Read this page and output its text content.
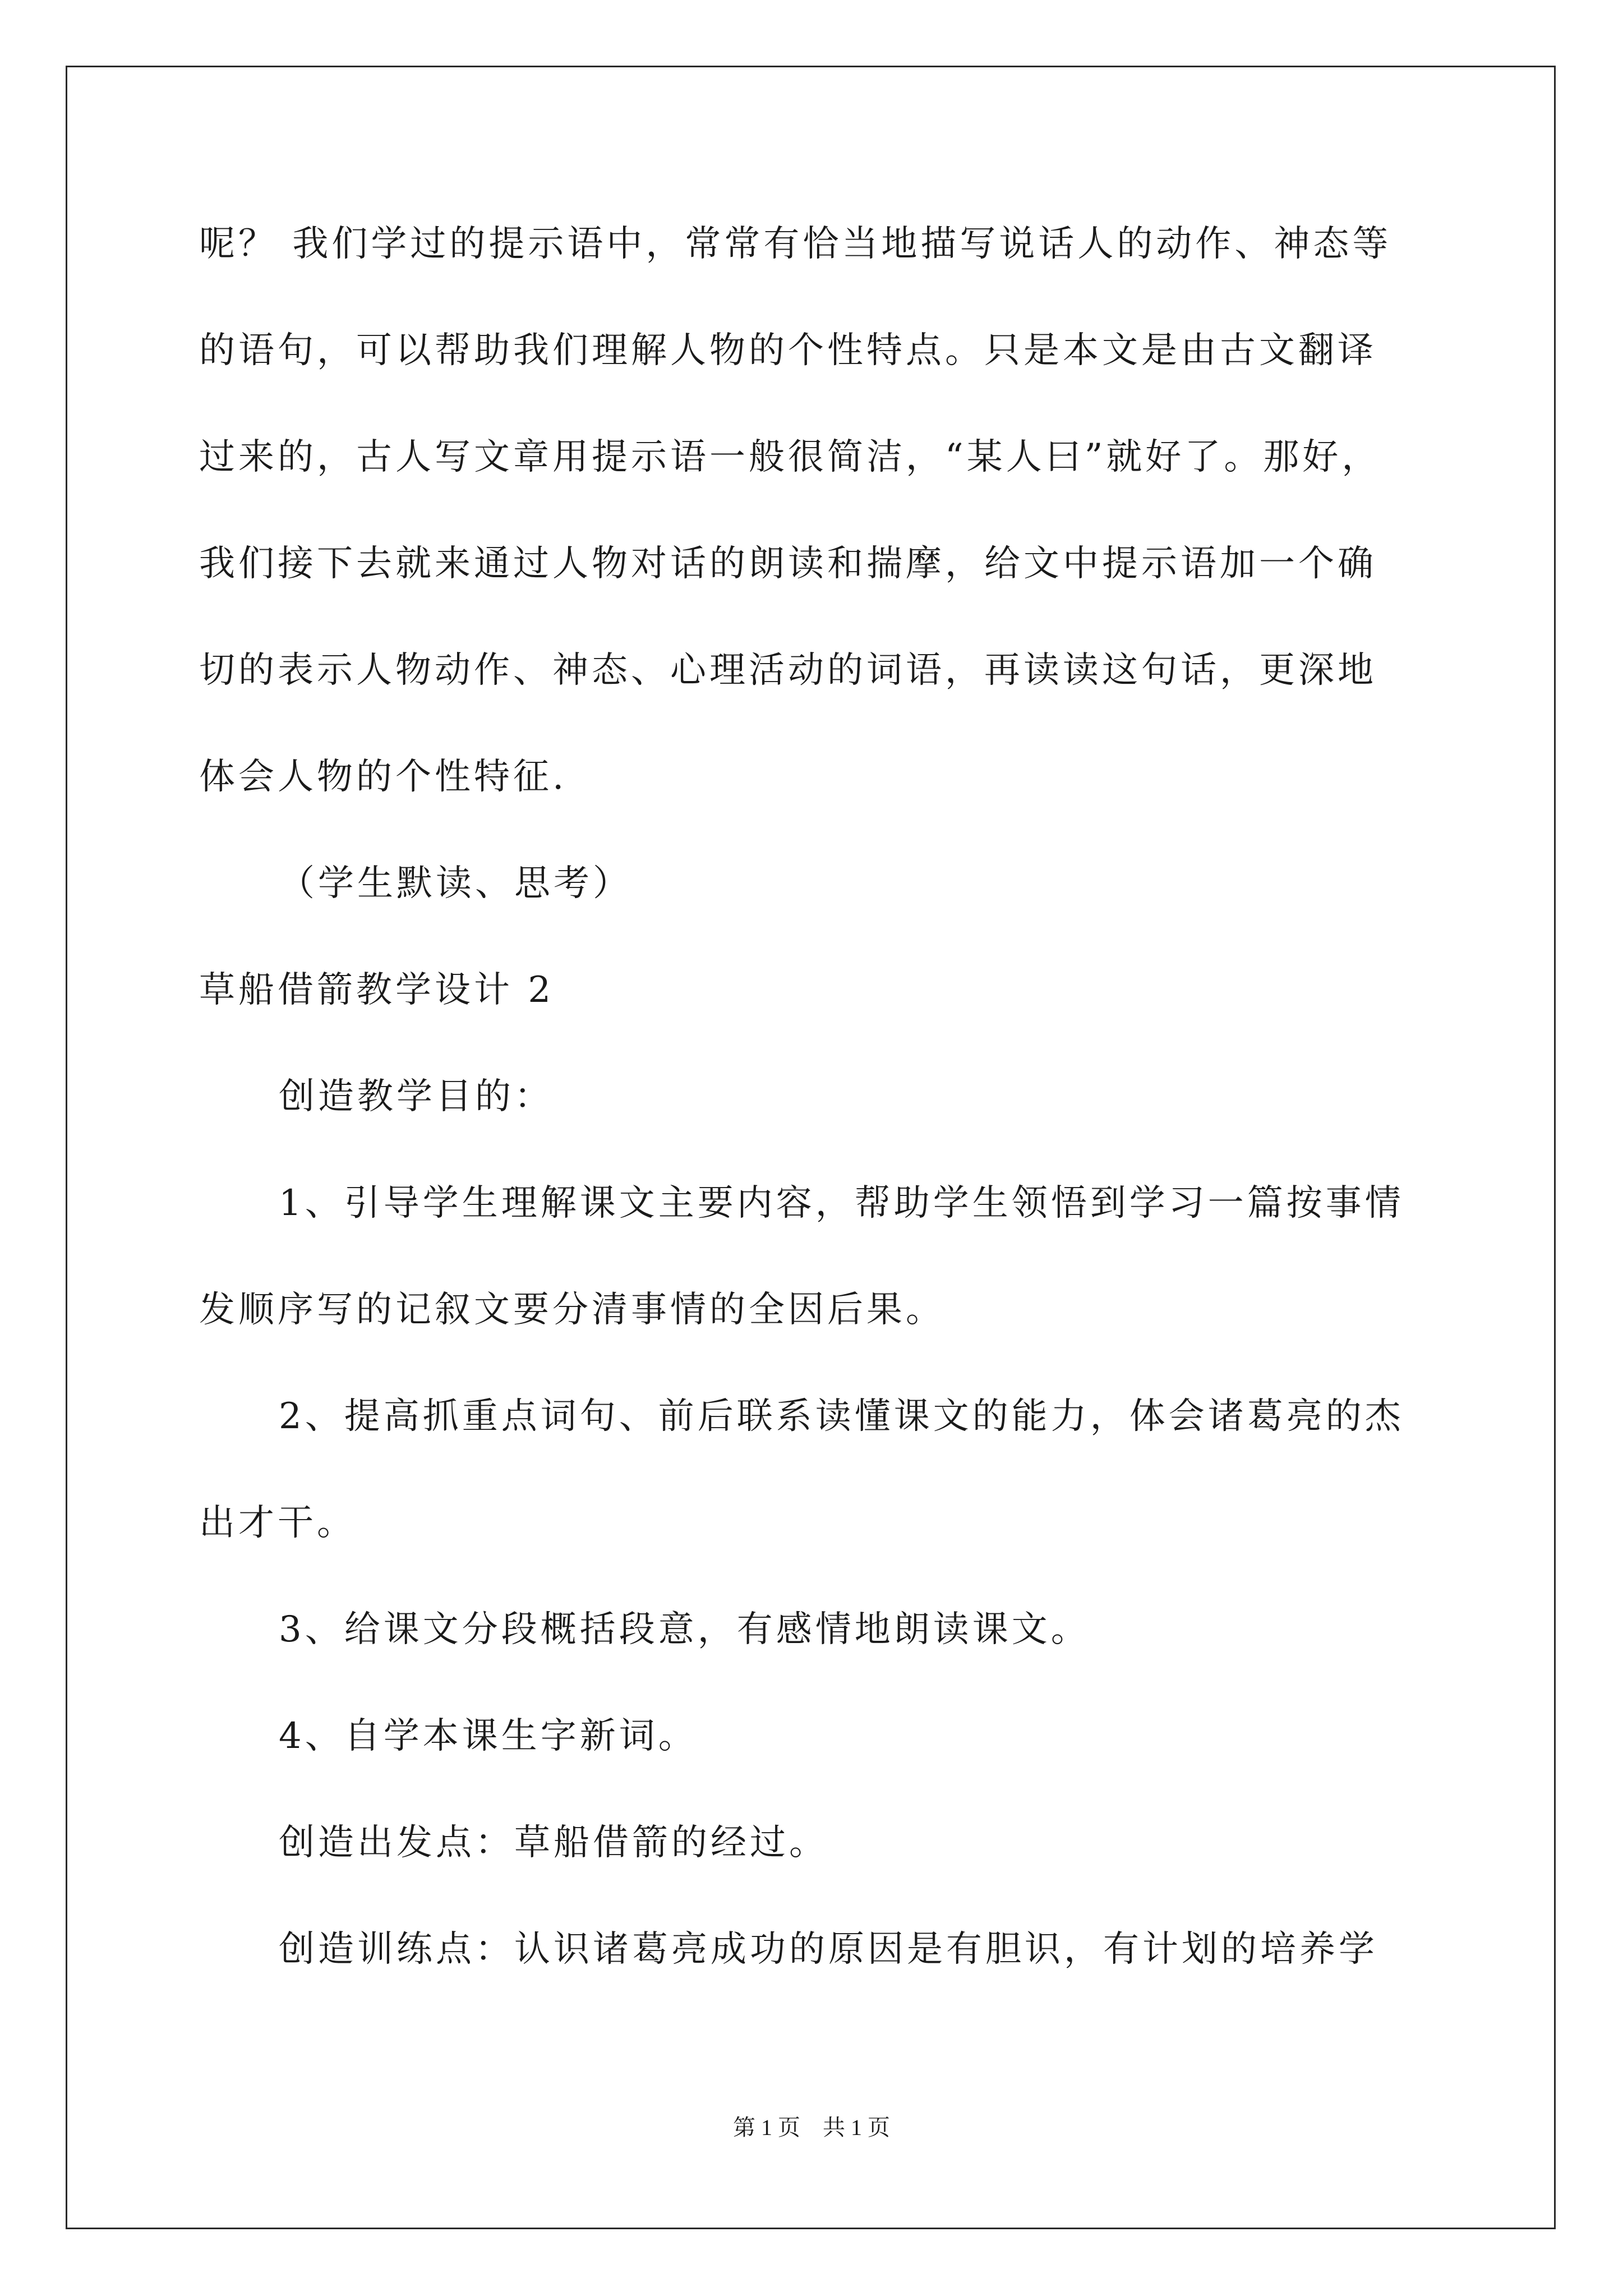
呢？ 我们学过的提示语中，常常有恰当地描写说话人的动作、神态等
的语句，可以帮助我们理解人物的个性特点。只是本文是由古文翻译
过来的，古人写文章用提示语一般很简洁，“某人曰”就好了。那好，
我们接下去就来通过人物对话的朗读和揣摩，给文中提示语加一个确
切的表示人物动作、神态、心理活动的词语，再读读这句话，更深地
体会人物的个性特征.
（学生默读、思考）
草船借箭教学设计 2
创造教学目的：
1、引导学生理解课文主要内容，帮助学生领悟到学习一篇按事情
发顺序写的记叙文要分清事情的全因后果。
2、提高抓重点词句、前后联系读懂课文的能力，体会诸葛亮的杰
出才干。
3、给课文分段概括段意，有感情地朗读课文。
4、自学本课生字新词。
创造出发点：草船借箭的经过。
创造训练点：认识诸葛亮成功的原因是有胆识，有计划的培养学
第 1 页　共 1 页
